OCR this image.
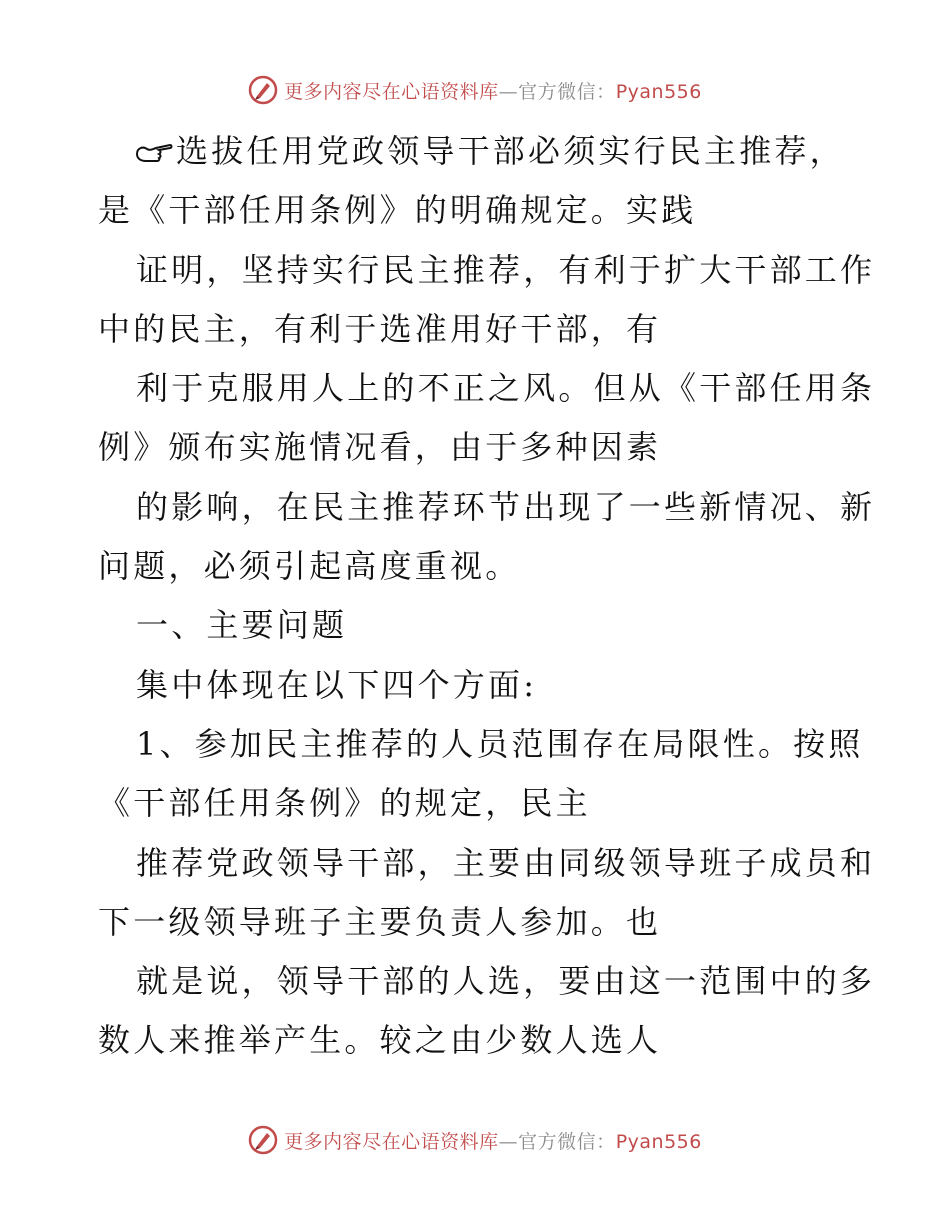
更多内容尽在心语资料库—官方微信：Pyan556
选拔任用党政领导干部必须实行民主推荐，
是《干部任用条例》的明确规定。实践
证明，坚持实行民主推荐，有利于扩大干部工作
中的民主，有利于选准用好干部，有
利于克服用人上的不正之风。但从《干部任用条
例》颁布实施情况看，由于多种因素
的影响，在民主推荐环节出现了一些新情况、新
问题，必须引起高度重视。
一、主要问题
集中体现在以下四个方面:
1、参加民主推荐的人员范围存在局限性。按照
《干部任用条例》的规定，民主
推荐党政领导干部，主要由同级领导班子成员和
下一级领导班子主要负责人参加。也
就是说，领导干部的人选，要由这一范围中的多
数人来推举产生。较之由少数人选人
更多内容尽在心语资料库—官方微信：Pyan556
